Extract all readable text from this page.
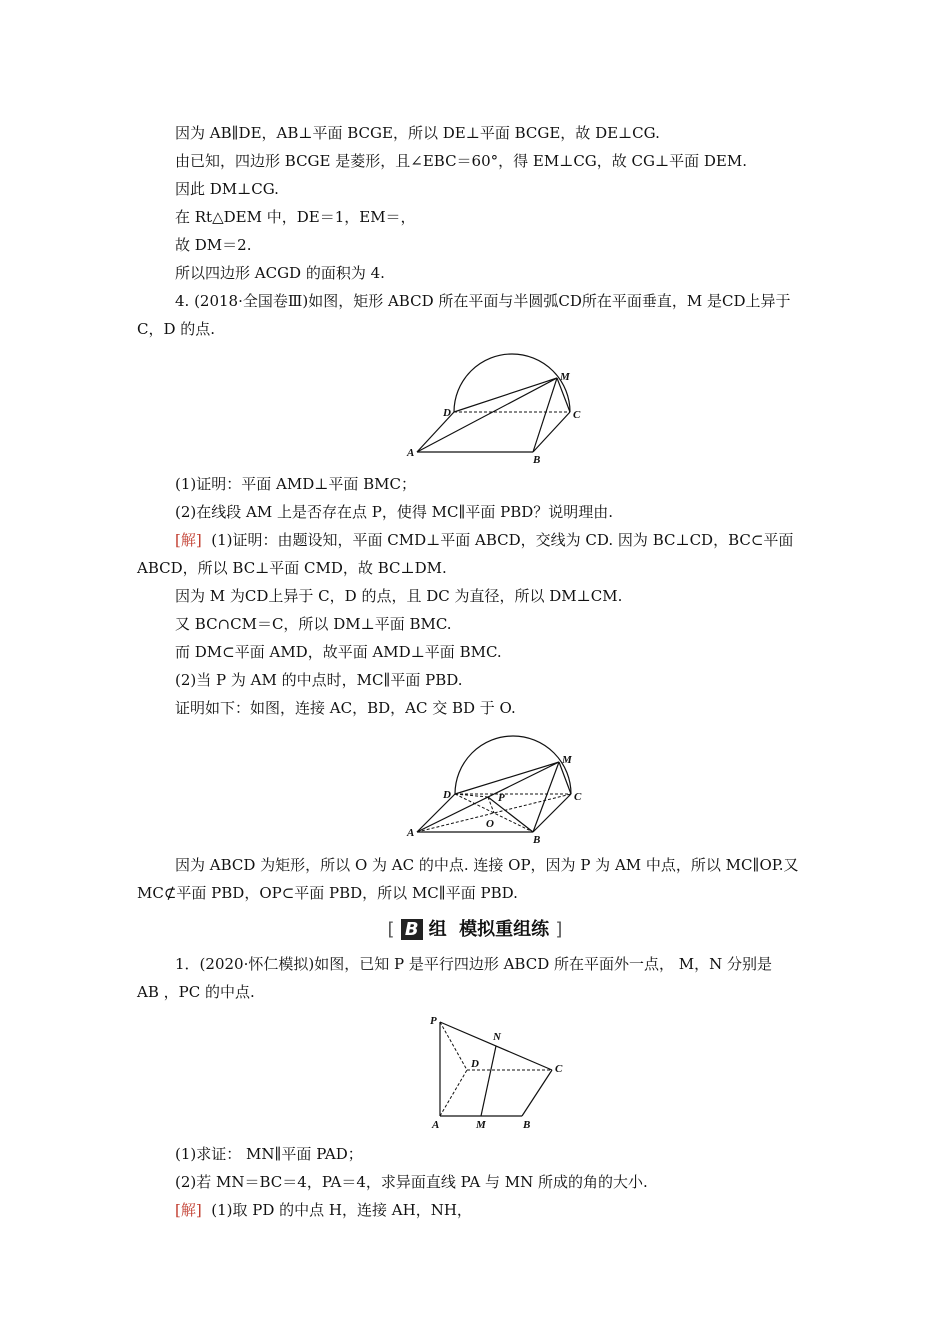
因为 AB∥DE，AB⊥平面 BCGE，所以 DE⊥平面 BCGE，故 DE⊥CG.
由已知，四边形 BCGE 是菱形，且∠EBC＝60°，得 EM⊥CG，故 CG⊥平面 DEM.
因此 DM⊥CG.
在 Rt△DEM 中，DE＝1，EM＝，
故 DM＝2.
所以四边形 ACGD 的面积为 4.
4. (2018·全国卷Ⅲ)如图，矩形 ABCD 所在平面与半圆弧CD所在平面垂直，M 是CD上异于
C，D 的点.
M
D	C
A
B
(1)证明：平面 AMD⊥平面 BMC；
(2)在线段 AM 上是否存在点 P，使得 MC∥平面 PBD？说明理由.
[解] (1)证明：由题设知，平面 CMD⊥平面 ABCD，交线为 CD. 因为 BC⊥CD，BC⊂平面
ABCD，所以 BC⊥平面 CMD，故 BC⊥DM.
因为 M 为CD上异于 C，D 的点，且 DC 为直径，所以 DM⊥CM.
又 BC∩CM＝C，所以 DM⊥平面 BMC.
而 DM⊂平面 AMD，故平面 AMD⊥平面 BMC.
(2)当 P 为 AM 的中点时，MC∥平面 PBD.
证明如下：如图，连接 AC，BD，AC 交 BD 于 O.
M
D	P	C
O
A
B
因为 ABCD 为矩形，所以 O 为 AC 的中点. 连接 OP，因为 P 为 AM 中点，所以 MC∥OP.又
MC⊄平面 PBD，OP⊂平面 PBD，所以 MC∥平面 PBD.
[ B 组 模拟重组练 ]
1．(2020·怀仁模拟)如图，已知 P 是平行四边形 ABCD 所在平面外一点， M，N 分别是
AB ，PC 的中点.
P
N
D	C
A	M	B
(1)求证： MN∥平面 PAD；
(2)若 MN＝BC＝4，PA＝4，求异面直线 PA 与 MN 所成的角的大小.
[解] (1)取 PD 的中点 H，连接 AH，NH，
